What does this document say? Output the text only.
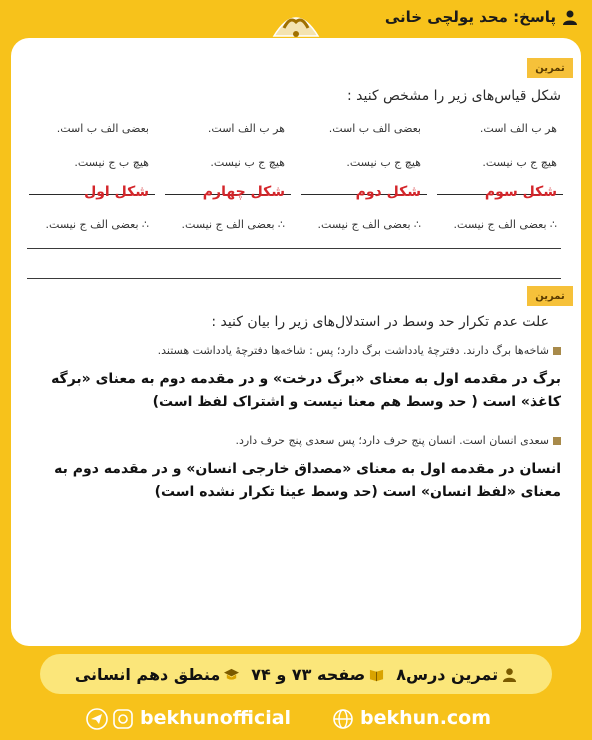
پاسخ: محد یولچی خانی
تمرین
شکل قیاس‌های زیر را مشخص کنید :
هر ب الف است.
هیچ ج ب نیست.
شکل سوم
∴ بعضی الف ج نیست.
بعضی الف ب است.
هیچ ج ب نیست.
شکل دوم
∴ بعضی الف ج نیست.
هر ب الف است.
هیچ ج ب نیست.
شکل چهارم
∴ بعضی الف ج نیست.
بعضی الف ب است.
هیچ ب ج نیست.
شکل اول
∴ بعضی الف ج نیست.
تمرین
علت عدم تکرار حد وسط در استدلال‌های زیر را بیان کنید :
شاخه‌ها برگ دارند. دفترچهٔ یادداشت برگ دارد؛ پس : شاخه‌ها دفترچهٔ یادداشت هستند.
برگ در مقدمه اول به معنای «برگ درخت» و در مقدمه دوم به معنای «برگه کاغذ» است ( حد وسط هم معنا نیست و اشتراک لفظ است)
سعدی انسان است. انسان پنج حرف دارد؛ پس سعدی پنج حرف دارد.
انسان در مقدمه اول به معنای «مصداق خارجی انسان» و در مقدمه دوم به معنای «لفظ انسان» است (حد وسط عینا تکرار نشده است)
تمرین درس۸
صفحه ۷۳ و ۷۴
منطق دهم انسانی
bekhunofficial	bekhun.com
